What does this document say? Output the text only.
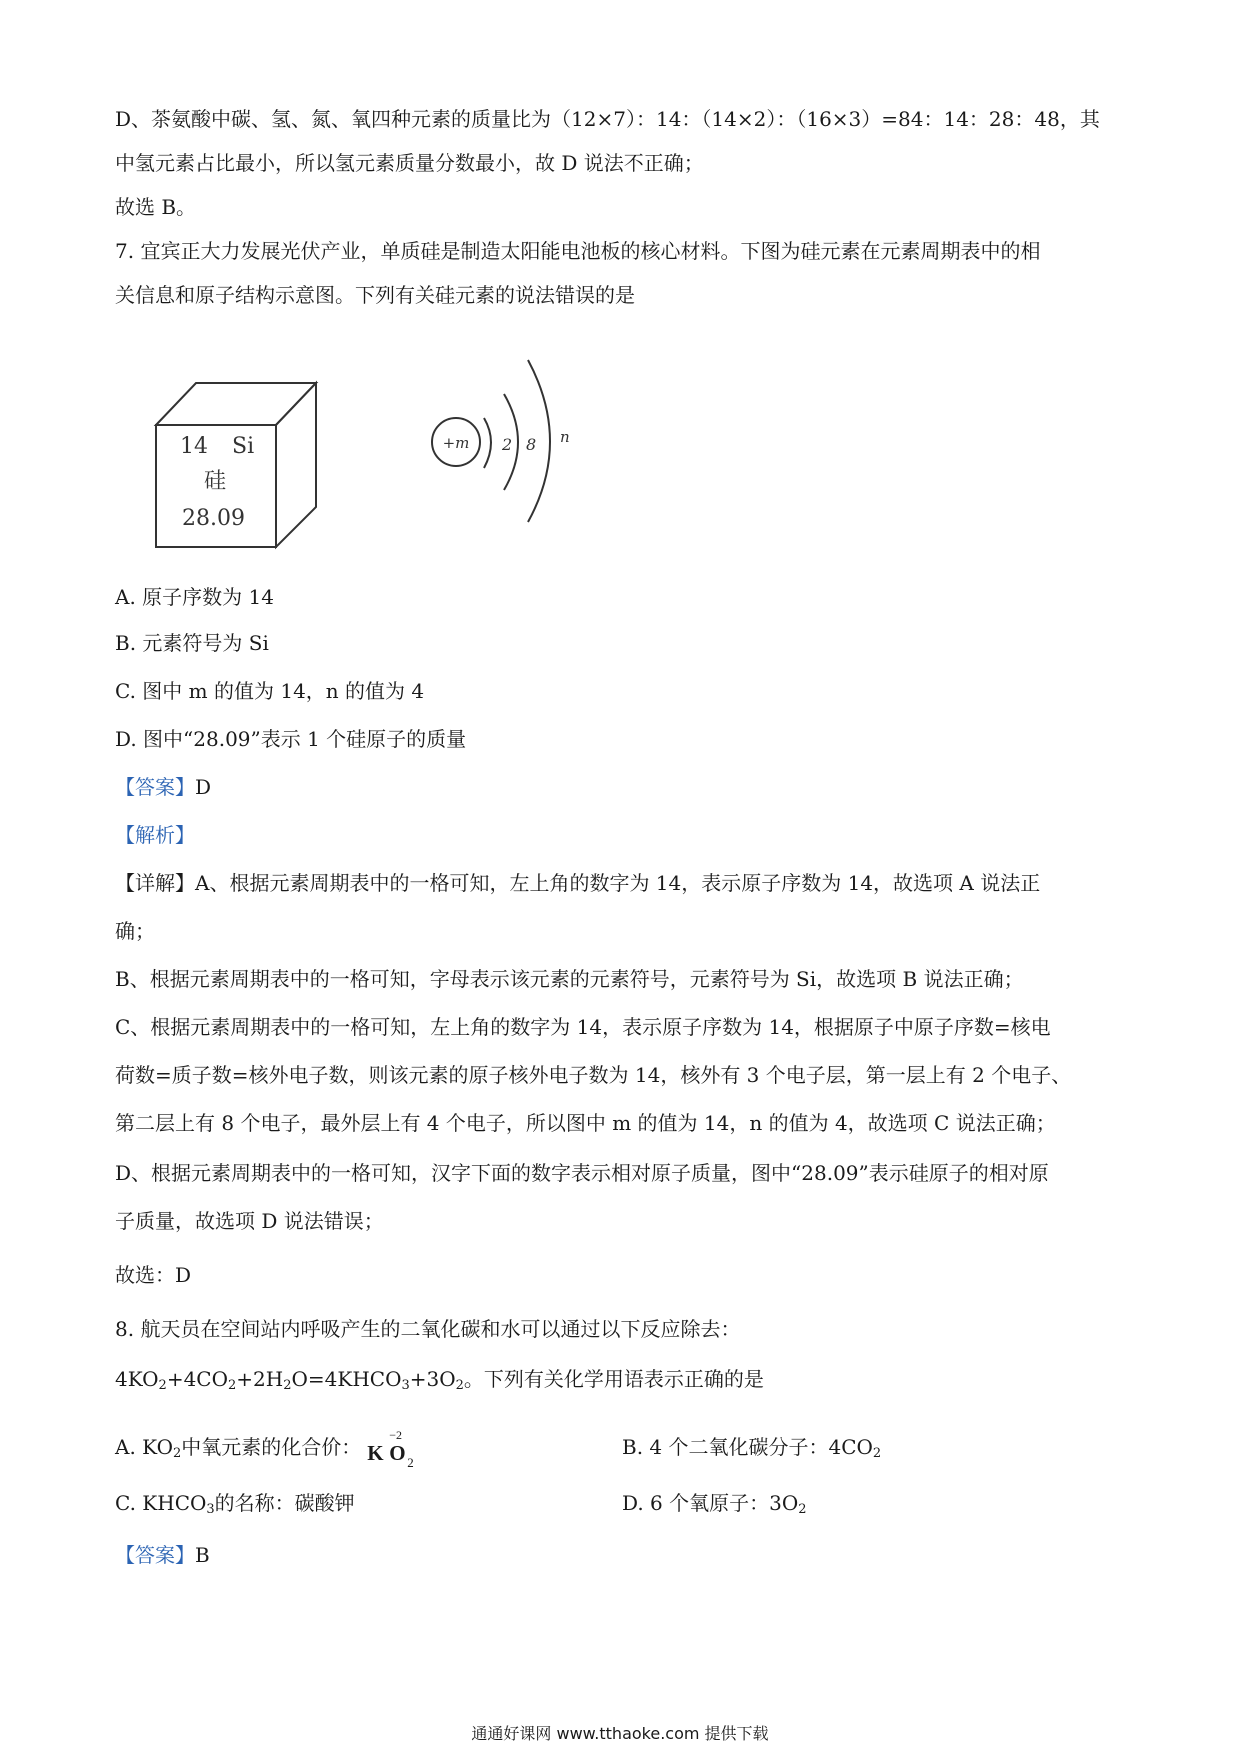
D、茶氨酸中碳、氢、氮、氧四种元素的质量比为（12×7）：14：（14×2）：（16×3）=84：14：28：48，其
中氢元素占比最小，所以氢元素质量分数最小，故 D 说法不正确；
故选 B。
7. 宜宾正大力发展光伏产业，单质硅是制造太阳能电池板的核心材料。下图为硅元素在元素周期表中的相
关信息和原子结构示意图。下列有关硅元素的说法错误的是
14 Si
硅
28.09
+m 2 8 n
A. 原子序数为 14
B. 元素符号为 Si
C. 图中 m 的值为 14，n 的值为 4
D. 图中“28.09”表示 1 个硅原子的质量
【答案】D
【解析】
【详解】A、根据元素周期表中的一格可知，左上角的数字为 14，表示原子序数为 14，故选项 A 说法正
确；
B、根据元素周期表中的一格可知，字母表示该元素的元素符号，元素符号为 Si，故选项 B 说法正确；
C、根据元素周期表中的一格可知，左上角的数字为 14，表示原子序数为 14，根据原子中原子序数=核电
荷数=质子数=核外电子数，则该元素的原子核外电子数为 14，核外有 3 个电子层，第一层上有 2 个电子、
第二层上有 8 个电子，最外层上有 4 个电子，所以图中 m 的值为 14，n 的值为 4，故选项 C 说法正确；
D、根据元素周期表中的一格可知，汉字下面的数字表示相对原子质量，图中“28.09”表示硅原子的相对原
子质量，故选项 D 说法错误；
故选：D
8. 航天员在空间站内呼吸产生的二氧化碳和水可以通过以下反应除去：
$4KO_2+4CO_2+2H_2O=4KHCO_3+3O_2$。下列有关化学用语表示正确的是
A. $KO_2$中氧元素的化合价： K
−2
O 2
B. 4 个二氧化碳分子：$4CO_2$
C. $KHCO_3$的名称：碳酸钾	D. 6 个氧原子：$3O_2$
【答案】B
通通好课网 www.tthaoke.com 提供下载
